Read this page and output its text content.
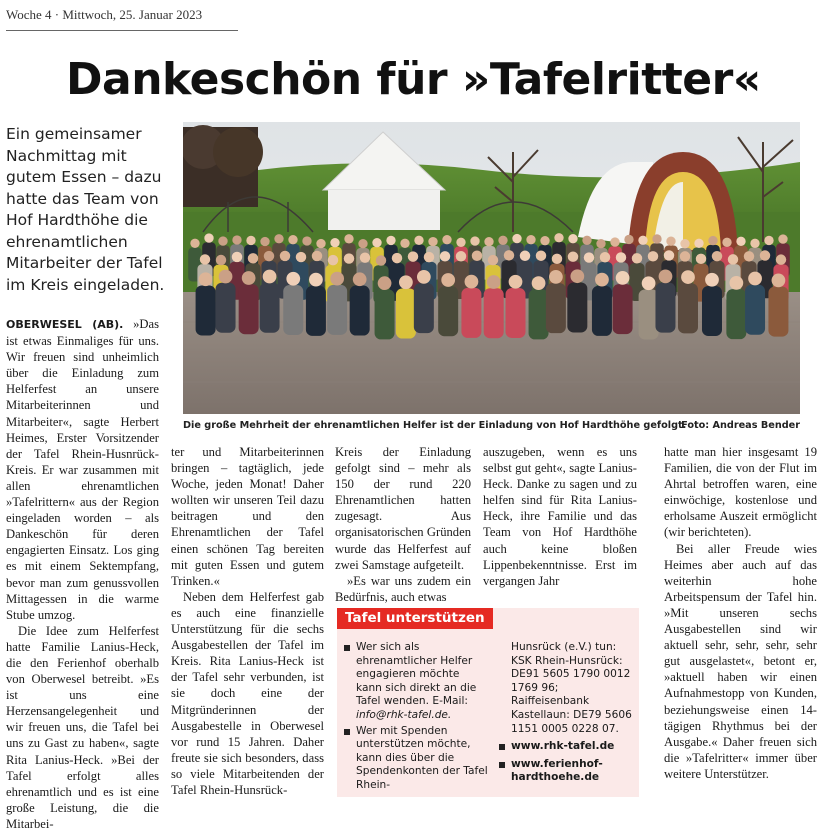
Woche 4 · Mittwoch, 25. Januar 2023
Dankeschön für »Tafelritter«
Ein gemeinsamer Nachmittag mit gutem Essen – dazu hatte das Team von Hof Hardthöhe die ehrenamtlichen Mitarbeiter der Tafel im Kreis eingeladen.
Die große Mehrheit der ehrenamtlichen Helfer ist der Einladung von Hof Hardthöhe gefolgt.
Foto: Andreas Bender

OBERWESEL (AB). »Das ist etwas Einmaliges für uns. Wir freuen sind unheimlich über die Einladung zum Helferfest an unsere Mitarbeiterinnen und Mitarbeiter«, sagte Herbert Heimes, Erster Vorsitzender der Tafel Rhein-Husnrück-Kreis. Er war zusammen mit allen ehrenamtlichen »Tafelrittern« aus der Region eingeladen worden – als Dankeschön für deren engagierten Einsatz. Los ging es mit einem Sektempfang, bevor man zum genussvollen Mittagessen in die warme Stube umzog.

Die Idee zum Helferfest hatte Familie Lanius-Heck, die den Ferienhof oberhalb von Oberwesel betreibt. »Es ist uns eine Herzensangelegenheit und wir freuen uns, die Tafel bei uns zu Gast zu haben«, sagte Rita Lanius-Heck. »Bei der Tafel erfolgt alles ehrenamtlich und es ist eine große Leistung, die die Mitarbei-

ter und Mitarbeiterinnen bringen – tagtäglich, jede Woche, jeden Monat! Daher wollten wir unseren Teil dazu beitragen und den Ehrenamtlichen der Tafel einen schönen Tag bereiten mit guten Essen und gutem Trinken.«

Neben dem Helferfest gab es auch eine finanzielle Unterstützung für die sechs Ausgabestellen der Tafel im Kreis. Rita Lanius-Heck ist der Tafel sehr verbunden, ist sie doch eine der Mitgründerinnen der Ausgabestelle in Oberwesel vor rund 15 Jahren. Daher freute sie sich besonders, dass so viele Mitarbeitenden der Tafel Rhein-Hunsrück-

Kreis der Einladung gefolgt sind – mehr als 150 der rund 220 Ehrenamtlichen hatten zugesagt. Aus organisatorischen Gründen wurde das Helferfest auf zwei Samstage aufgeteilt.

»Es war uns zudem ein Bedürfnis, auch etwas

auszugeben, wenn es uns selbst gut geht«, sagte Lanius-Heck. Danke zu sagen und zu helfen sind für Rita Lanius-Heck, ihre Familie und das Team von Hof Hardthöhe auch keine bloßen Lippenbekenntnisse. Erst im vergangen Jahr

hatte man hier insgesamt 19 Familien, die von der Flut im Ahrtal betroffen waren, eine einwöchige, kostenlose und erholsame Auszeit ermöglicht (wir berichteten).

Bei aller Freude wies Heimes aber auch auf das weiterhin hohe Arbeitspensum der Tafel hin. »Mit unseren sechs Ausgabestellen sind wir aktuell sehr, sehr, sehr, sehr gut ausgelastet«, betont er, »aktuell haben wir einen Aufnahmestopp von Kunden, beziehungsweise einen 14-tägigen Rhythmus bei der Ausgabe.« Daher freuen sich die »Tafelritter« immer über weitere Unterstützer.

Tafel unterstützen
Wer sich als ehrenamtlicher Helfer engagieren möchte kann sich direkt an die Tafel wenden. E-Mail: info@rhk-tafel.de.
Wer mit Spenden unterstützen möchte, kann dies über die Spendenkonten der Tafel Rhein-
Hunsrück (e.V.) tun: KSK Rhein-Hunsrück: DE91 5605 1790 0012 1769 96; Raiffeisenbank Kastellaun: DE79 5606 1151 0005 0228 07.
www.rhk-tafel.de
www.ferienhof-hardthoehe.de
